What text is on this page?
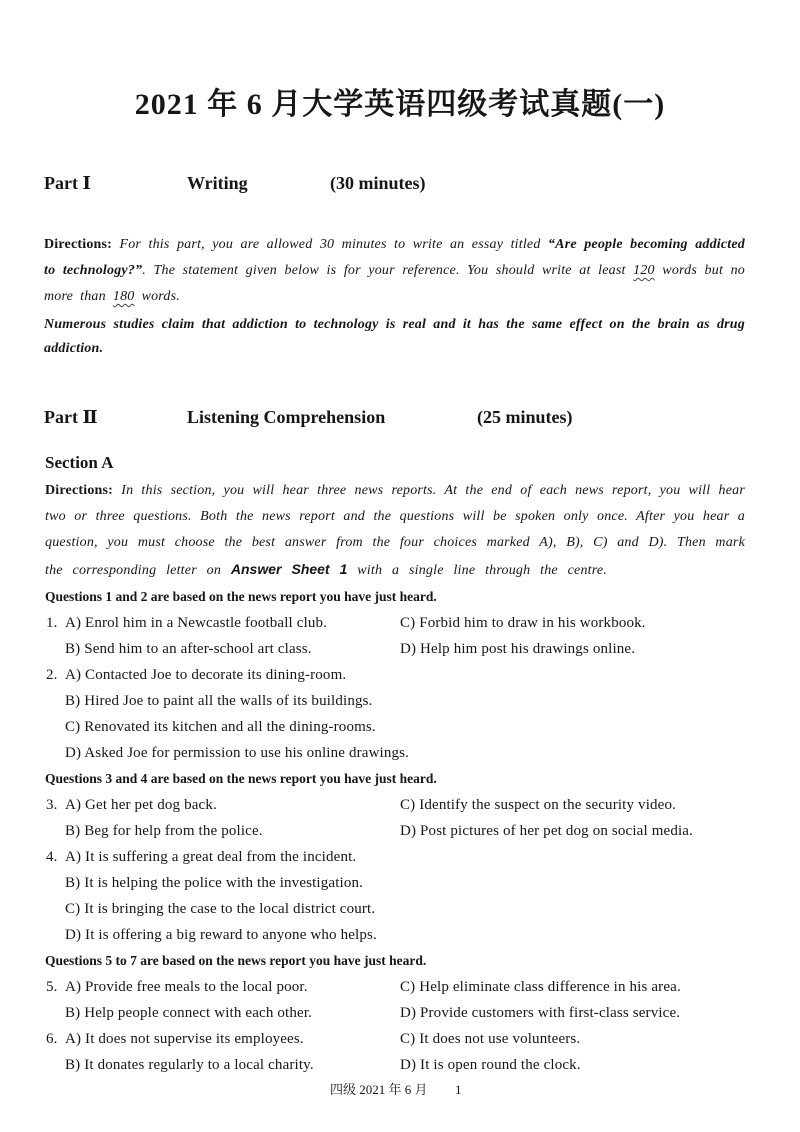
2021 年 6 月大学英语四级考试真题(一)
Part Ⅰ	Writing	(30 minutes)
Directions: For this part, you are allowed 30 minutes to write an essay titled “Are people becoming addicted
to technology?”. The statement given below is for your reference. You should write at least 120 words but no
more than 180 words.
Numerous studies claim that addiction to technology is real and it has the same effect on the brain as drug
addiction.
Part Ⅱ	Listening Comprehension	(25 minutes)
Section A
Directions: In this section, you will hear three news reports. At the end of each news report, you will hear
two or three questions. Both the news report and the questions will be spoken only once. After you hear a
question, you must choose the best answer from the four choices marked A), B), C) and D). Then mark
the corresponding letter on Answer Sheet 1 with a single line through the centre.
Questions 1 and 2 are based on the news report you have just heard.
1. A) Enrol him in a Newcastle football club.	C) Forbid him to draw in his workbook.
B) Send him to an after-school art class.	D) Help him post his drawings online.
2. A) Contacted Joe to decorate its dining-room.
B) Hired Joe to paint all the walls of its buildings.
C) Renovated its kitchen and all the dining-rooms.
D) Asked Joe for permission to use his online drawings.
Questions 3 and 4 are based on the news report you have just heard.
3. A) Get her pet dog back.	C) Identify the suspect on the security video.
B) Beg for help from the police.	D) Post pictures of her pet dog on social media.
4. A) It is suffering a great deal from the incident.
B) It is helping the police with the investigation.
C) It is bringing the case to the local district court.
D) It is offering a big reward to anyone who helps.
Questions 5 to 7 are based on the news report you have just heard.
5. A) Provide free meals to the local poor.	C) Help eliminate class difference in his area.
B) Help people connect with each other.	D) Provide customers with first-class service.
6. A) It does not supervise its employees.	C) It does not use volunteers.
B) It donates regularly to a local charity.	D) It is open round the clock.
四级 2021 年 6 月 1
